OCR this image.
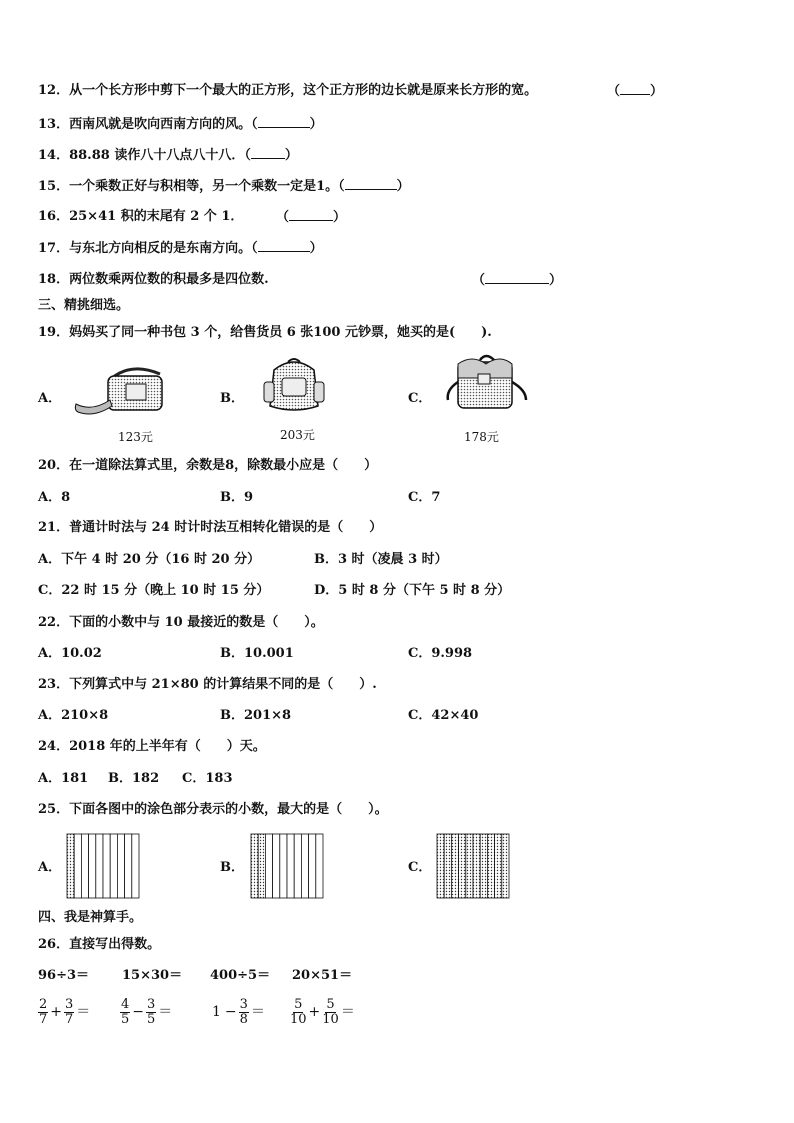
12．从一个长方形中剪下一个最大的正方形，这个正方形的边长就是原来长方形的宽。	（ ）
13．西南风就是吹向西南方向的风。（	）
14．88.88 读作八十八点八十八．（	）
15．一个乘数正好与积相等，另一个乘数一定是1。（	）
16．25×41 积的末尾有 2 个 1．	（	）
17．与东北方向相反的是东南方向。（	）
18．两位数乘两位数的积最多是四位数.	（	）
三、精挑细选。
19．妈妈买了同一种书包 3 个，给售货员 6 张100 元钞票，她买的是(　　).
A．
123元
B．
203元
C．
178元
20．在一道除法算式里，余数是8，除数最小应是（　　）
A．8	B．9	C．7
21．普通计时法与 24 时计时法互相转化错误的是（　　）
A．下午 4 时 20 分（16 时 20 分）	B．3 时（凌晨 3 时）
C．22 时 15 分（晚上 10 时 15 分）	D．5 时 8 分（下午 5 时 8 分）
22．下面的小数中与 10 最接近的数是（　　）。
A．10.02	B．10.001	C．9.998
23．下列算式中与 21×80 的计算结果不同的是（　　）.
A．210×8	B．201×8	C．42×40
24．2018 年的上半年有（　　）天。
A．181 B．182 C．183
25．下面各图中的涂色部分表示的小数，最大的是（　　）。
A．	B．	C．
四、我是神算手。
26．直接写出得数。
96÷3＝	15×30＝ 400÷5＝ 20×51＝
$\frac{2}{7} + \frac{3}{7} = \frac{4}{5} - \frac{3}{5}$ ＝	$1 - \frac{3}{8} = \frac{5}{10} + \frac{5}{10}$ ＝
